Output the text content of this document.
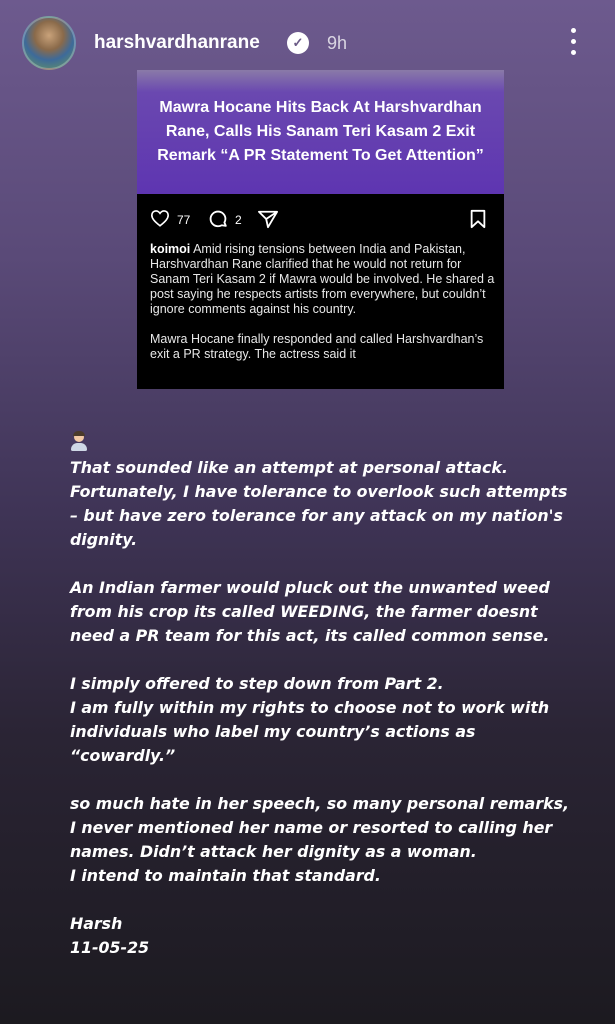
harshvardhanrane	✓	9h
Mawra Hocane Hits Back At Harshvardhan Rane, Calls His Sanam Teri Kasam 2 Exit Remark “A PR Statement To Get Attention”
77	2

koimoi Amid rising tensions between India and Pakistan, Harshvardhan Rane clarified that he would not return for Sanam Teri Kasam 2 if Mawra would be involved. He shared a post saying he respects artists from everywhere, but couldn’t ignore comments against his country.

Mawra Hocane finally responded and called Harshvardhan’s exit a PR strategy. The actress said it

That sounded like an attempt at personal attack. Fortunately, I have tolerance to overlook such attempts – but have zero tolerance for any attack on my nation's dignity.

An Indian farmer would pluck out the unwanted weed from his crop its called WEEDING, the farmer doesnt need a PR team for this act, its called common sense.

I simply offered to step down from Part 2.
I am fully within my rights to choose not to work with individuals who label my country’s actions as “cowardly.”

so much hate in her speech, so many personal remarks,
I never mentioned her name or resorted to calling her names. Didn’t attack her dignity as a woman.
I intend to maintain that standard.

Harsh
11-05-25
